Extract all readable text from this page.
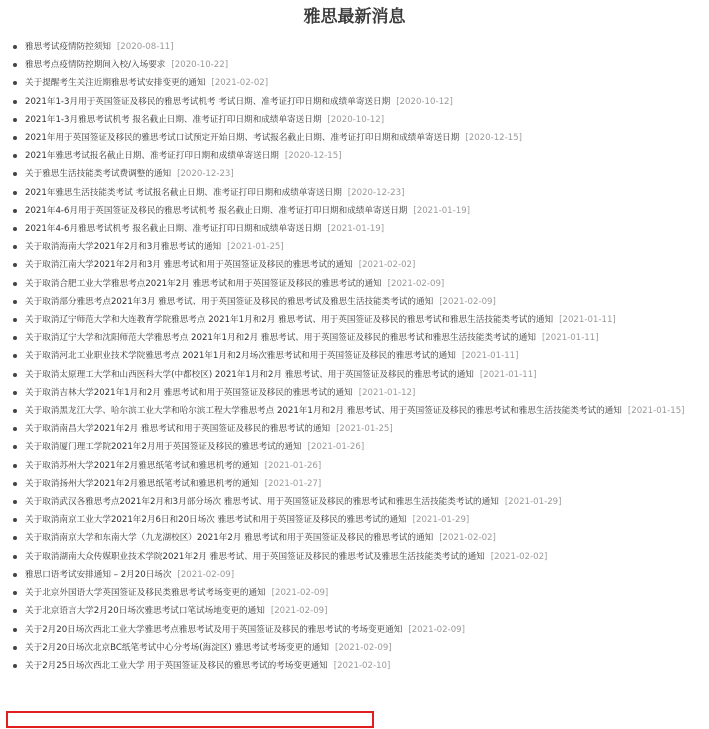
雅思最新消息
雅思考试疫情防控须知 [2020-08-11]
雅思考点疫情防控期间入校/入场要求 [2020-10-22]
关于提醒考生关注近期雅思考试安排变更的通知 [2021-02-02]
2021年1-3月用于英国签证及移民的雅思考试机考 考试日期、准考证打印日期和成绩单寄送日期 [2020-10-12]
2021年1-3月雅思考试机考 报名截止日期、准考证打印日期和成绩单寄送日期 [2020-10-12]
2021年用于英国签证及移民的雅思考试口试预定开始日期、考试报名截止日期、准考证打印日期和成绩单寄送日期 [2020-12-15]
2021年雅思考试报名截止日期、准考证打印日期和成绩单寄送日期 [2020-12-15]
关于雅思生活技能类考试费调整的通知 [2020-12-23]
2021年雅思生活技能类考试 考试报名截止日期、准考证打印日期和成绩单寄送日期 [2020-12-23]
2021年4-6月用于英国签证及移民的雅思考试机考 报名截止日期、准考证打印日期和成绩单寄送日期 [2021-01-19]
2021年4-6月雅思考试机考 报名截止日期、准考证打印日期和成绩单寄送日期 [2021-01-19]
关于取消海南大学2021年2月和3月雅思考试的通知 [2021-01-25]
关于取消江南大学2021年2月和3月 雅思考试和用于英国签证及移民的雅思考试的通知 [2021-02-02]
关于取消合肥工业大学雅思考点2021年2月 雅思考试和用于英国签证及移民的雅思考试的通知 [2021-02-09]
关于取消部分雅思考点2021年3月 雅思考试、用于英国签证及移民的雅思考试及雅思生活技能类考试的通知 [2021-02-09]
关于取消辽宁师范大学和大连教育学院雅思考点 2021年1月和2月 雅思考试、用于英国签证及移民的雅思考试和雅思生活技能类考试的通知 [2021-01-11]
关于取消辽宁大学和沈阳师范大学雅思考点 2021年1月和2月 雅思考试、用于英国签证及移民的雅思考试和雅思生活技能类考试的通知 [2021-01-11]
关于取消河北工业职业技术学院雅思考点 2021年1月和2月场次雅思考试和用于英国签证及移民的雅思考试的通知 [2021-01-11]
关于取消太原理工大学和山西医科大学(中都校区) 2021年1月和2月 雅思考试、用于英国签证及移民的雅思考试的通知 [2021-01-11]
关于取消吉林大学2021年1月和2月 雅思考试和用于英国签证及移民的雅思考试的通知 [2021-01-12]
关于取消黑龙江大学、哈尔滨工业大学和哈尔滨工程大学雅思考点 2021年1月和2月 雅思考试、用于英国签证及移民的雅思考试和雅思生活技能类考试的通知 [2021-01-15]
关于取消南昌大学2021年2月 雅思考试和用于英国签证及移民的雅思考试的通知 [2021-01-25]
关于取消厦门理工学院2021年2月用于英国签证及移民的雅思考试的通知 [2021-01-26]
关于取消苏州大学2021年2月雅思纸笔考试和雅思机考的通知 [2021-01-26]
关于取消扬州大学2021年2月雅思纸笔考试和雅思机考的通知 [2021-01-27]
关于取消武汉各雅思考点2021年2月和3月部分场次 雅思考试、用于英国签证及移民的雅思考试和雅思生活技能类考试的通知 [2021-01-29]
关于取消南京工业大学2021年2月6日和20日场次 雅思考试和用于英国签证及移民的雅思考试的通知 [2021-01-29]
关于取消南京大学和东南大学（九龙湖校区）2021年2月 雅思考试和用于英国签证及移民的雅思考试的通知 [2021-02-02]
关于取消湖南大众传媒职业技术学院2021年2月 雅思考试、用于英国签证及移民的雅思考试及雅思生活技能类考试的通知 [2021-02-02]
雅思口语考试安排通知 – 2月20日场次 [2021-02-09]
关于北京外国语大学英国签证及移民类雅思考试考场变更的通知 [2021-02-09]
关于北京语言大学2月20日场次雅思考试口笔试场地变更的通知 [2021-02-09]
关于2月20日场次西北工业大学雅思考点雅思考试及用于英国签证及移民的雅思考试的考场变更通知 [2021-02-09]
关于2月20日场次北京BC纸笔考试中心分考场(海淀区) 雅思考试考场变更的通知 [2021-02-09]
关于2月25日场次西北工业大学 用于英国签证及移民的雅思考试的考场变更通知 [2021-02-10]
